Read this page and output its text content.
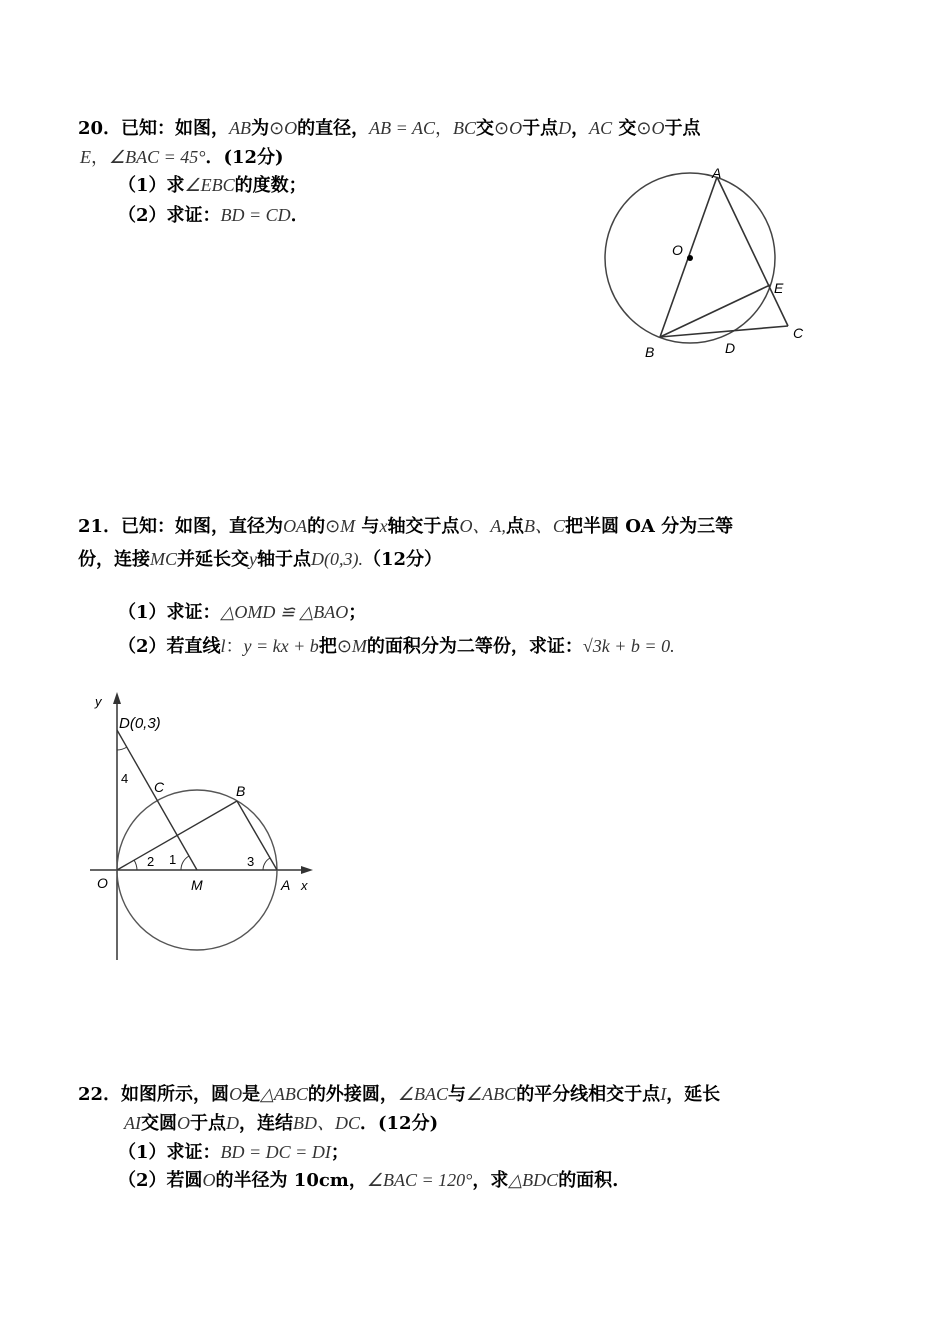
20．已知：如图，AB为⊙O的直径，AB = AC，BC交⊙O于点D，AC 交⊙O于点
E，∠BAC = 45°．(12分)
（1）求∠EBC的度数；
（2）求证：BD = CD．
A
O
E
C
B	D
21．已知：如图，直径为OA的⊙M 与x轴交于点O、A,点B、C把半圆 OA 分为三等
份，连接MC并延长交y轴于点D(0,3).（12分）
（1）求证：△OMD ≌ △BAO；
（2）若直线l：y = kx + b把⊙M的面积分为二等份，求证：√3k + b = 0.
y
D(0,3)
4
C	B
2 1	3
O	M	A x
22．如图所示，圆O是△ABC的外接圆，∠BAC与∠ABC的平分线相交于点I，延长
AI交圆O于点D，连结BD、DC．(12分)
（1）求证：BD = DC = DI；
（2）若圆O的半径为 10cm，∠BAC = 120°，求△BDC的面积.
